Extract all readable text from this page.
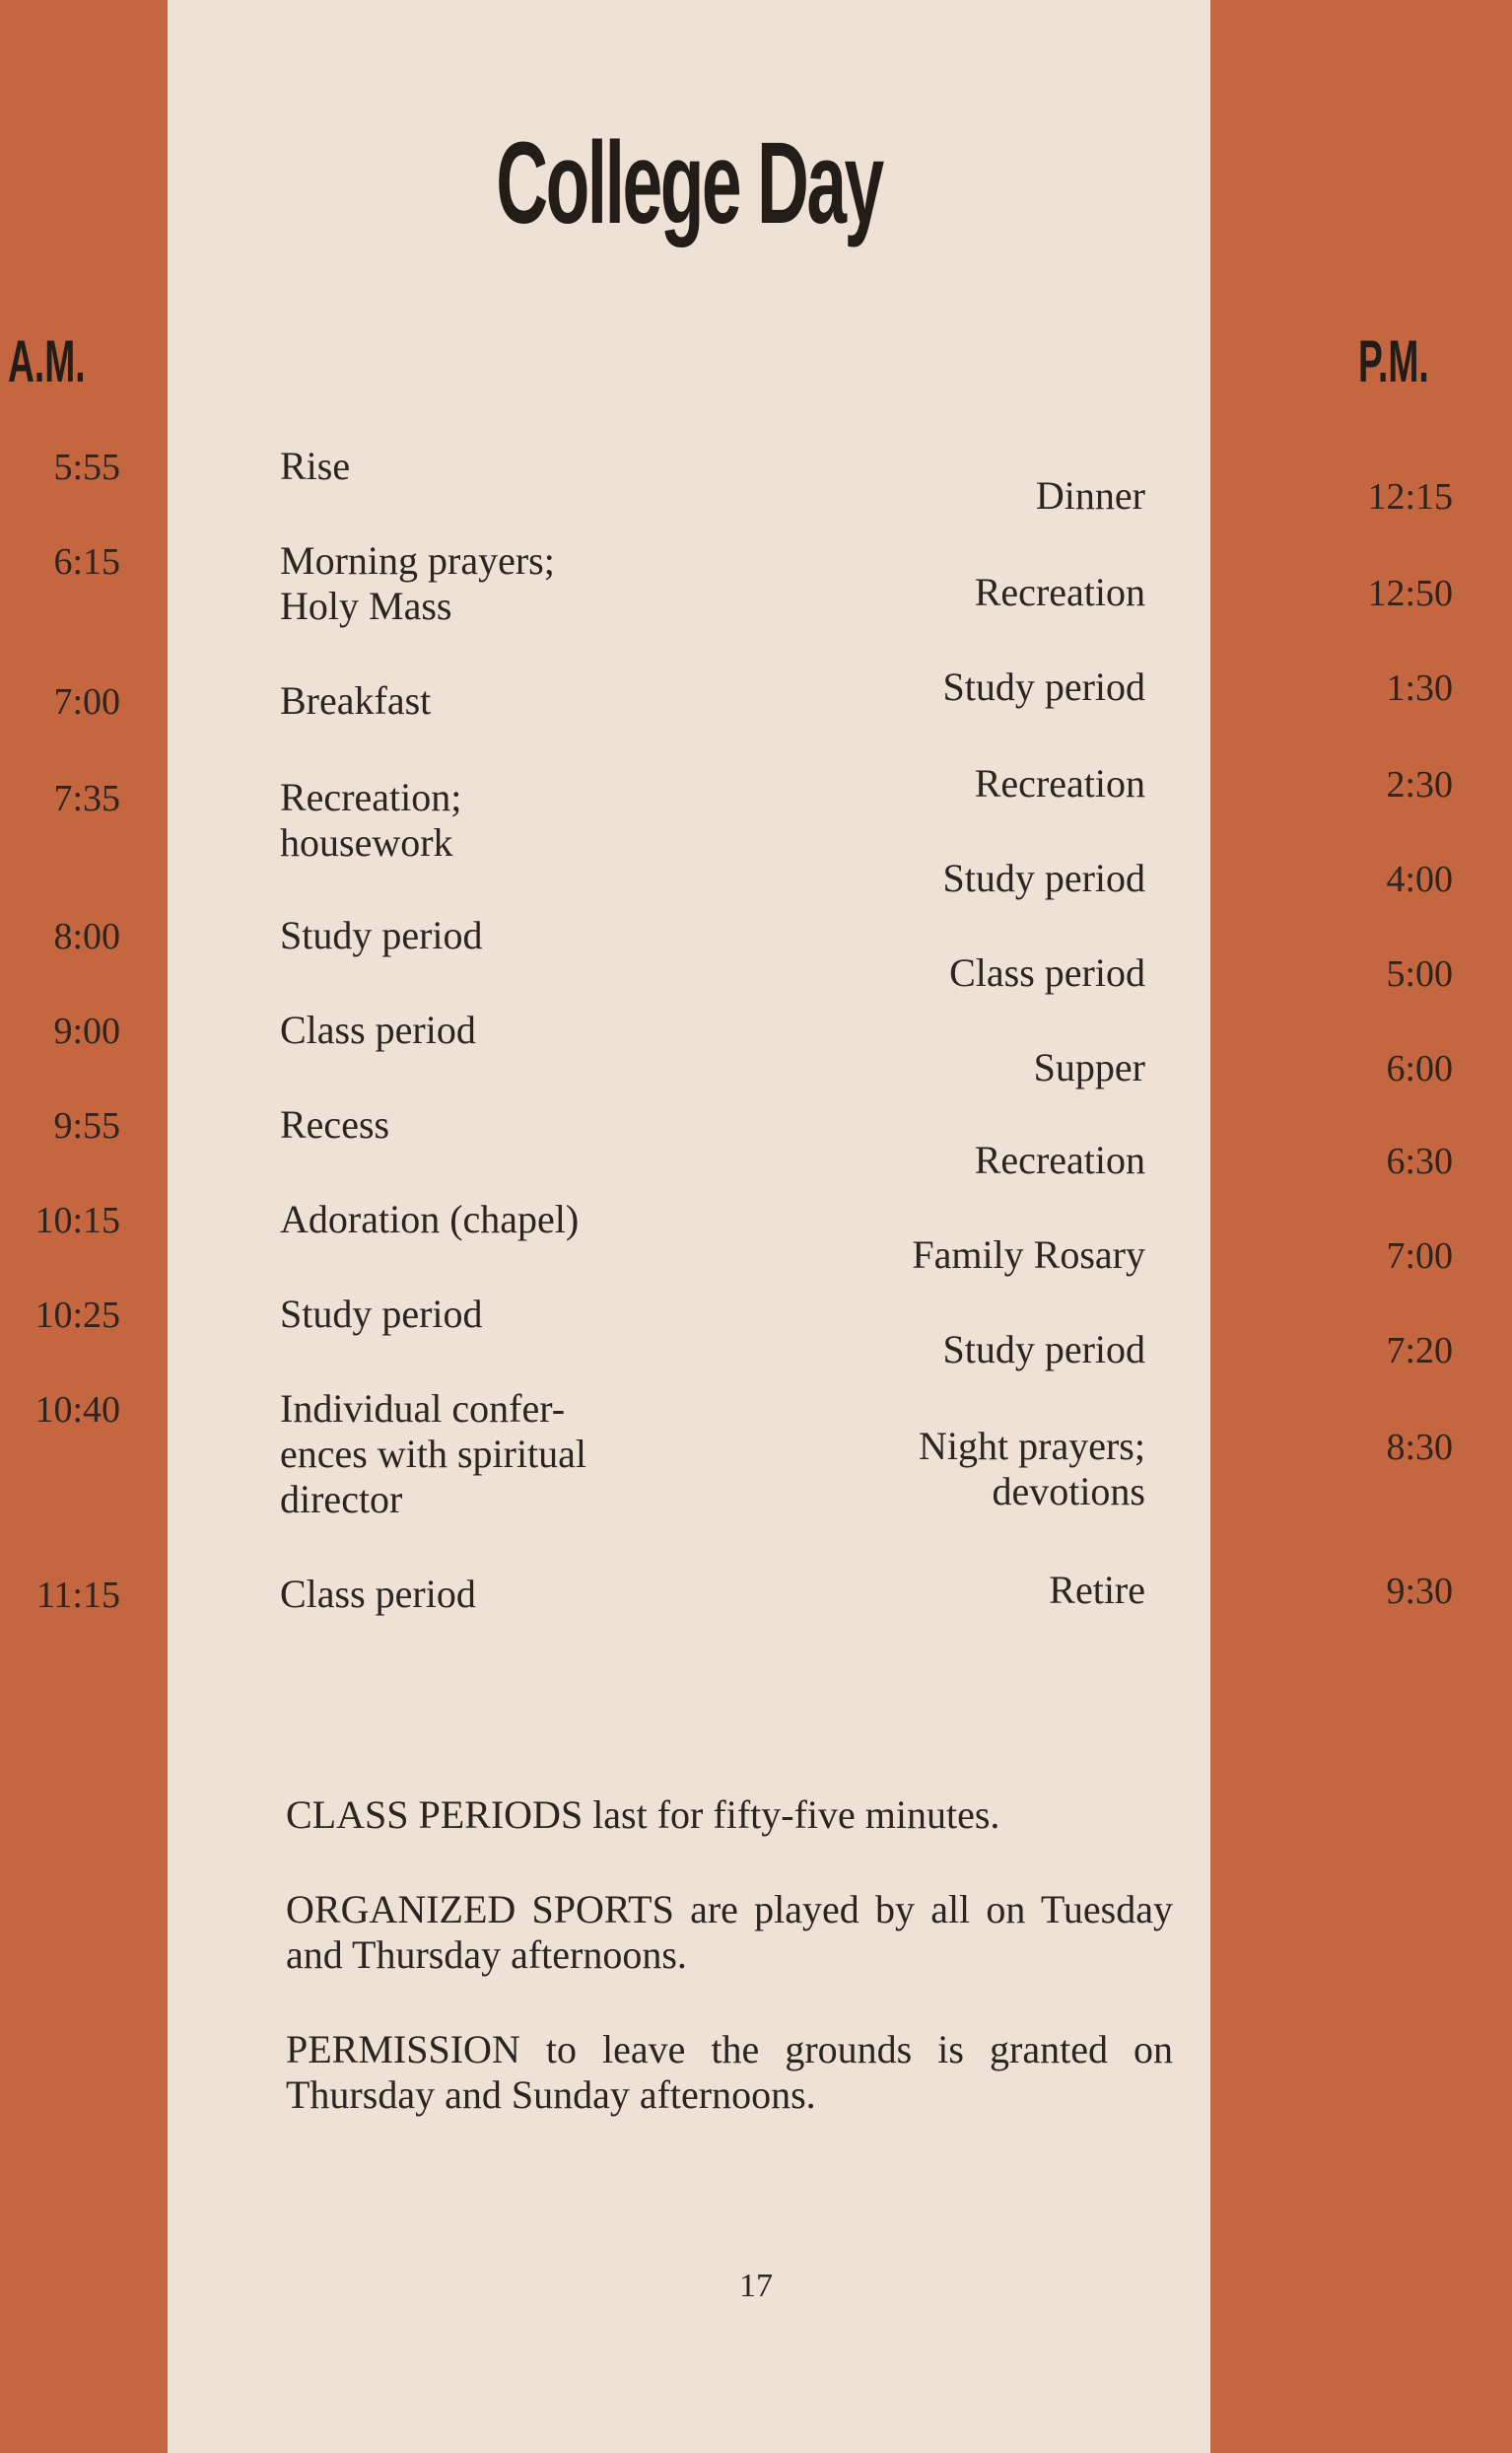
College Day
A.M.	P.M.
5:55
6:15
7:00
7:35
8:00
9:00
9:55
10:15
10:25
10:40
11:15
Rise
Morning prayers;
Holy Mass
Breakfast
Recreation;
housework
Study period
Class period
Recess
Adoration (chapel)
Study period
Individual confer-
ences with spiritual
director
Class period
12:15
12:50
1:30
2:30
4:00
5:00
6:00
6:30
7:00
7:20
8:30
9:30
Dinner
Recreation
Study period
Recreation
Study period
Class period
Supper
Recreation
Family Rosary
Study period
Night prayers;
devotions
Retire
CLASS PERIODS last for fifty-five minutes.
ORGANIZED SPORTS are played by all on Tuesday and Thursday afternoons.
PERMISSION to leave the grounds is granted on Thursday and Sunday afternoons.
17
